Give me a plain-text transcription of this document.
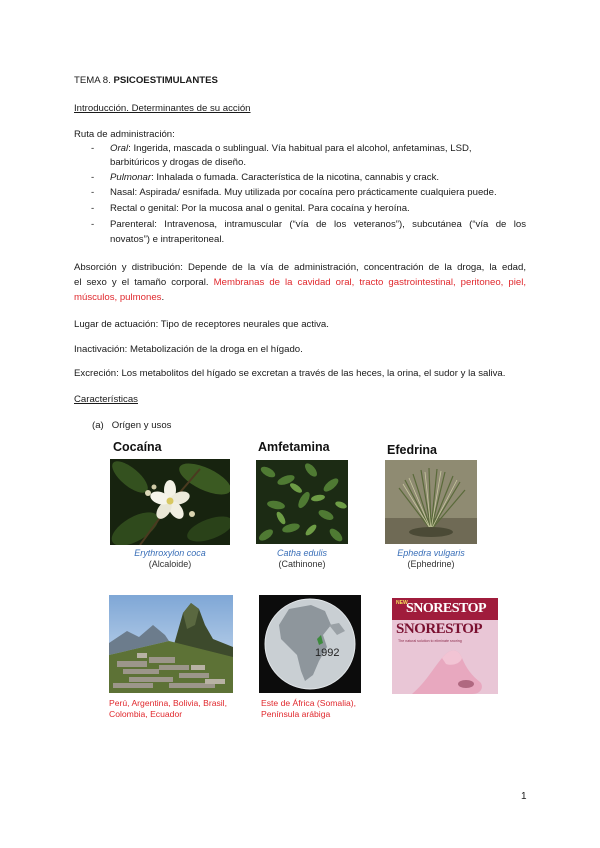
TEMA 8. PSICOESTIMULANTES

Introducción. Determinantes de su acción

Ruta de administración:

- Oral: Ingerida, mascada o sublingual. Vía habitual para el alcohol, anfetaminas, LSD,

barbitúricos y drogas de diseño.

- Pulmonar: Inhalada o fumada. Característica de la nicotina, cannabis y crack.

- Nasal: Aspirada/ esnifada. Muy utilizada por cocaína pero prácticamente cualquiera puede.

- Rectal o genital: Por la mucosa anal o genital. Para cocaína y heroína.

- Parenteral: Intravenosa, intramuscular (“vía de los veteranos”), subcutánea (“vía de los

novatos”) e intraperitoneal.

Absorción y distribución: Depende de la vía de administración, concentración de la droga, la edad,

el sexo y el tamaño corporal. Membranas de la cavidad oral, tracto gastrointestinal, peritoneo, piel,

músculos, pulmones.

Lugar de actuación: Tipo de receptores neurales que activa.

Inactivación: Metabolización de la droga en el hígado.

Excreción: Los metabolitos del hígado se excretan a través de las heces, la orina, el sudor y la saliva.

Características

(a) Orígen y usos

Cocaína	Amfetamina	Efedrina
Erythroxylon coca
(Alcaloide)
Catha edulis
(Cathinone)
Ephedra vulgaris
(Ephedrine)
Perú, Argentina, Bolivia, Brasil,
Colombia, Ecuador
1992
Este de África (Somalia),
Península arábiga
NEW
SNORESTOP
SNORESTOP
The natural solution to eliminate snoring
1
